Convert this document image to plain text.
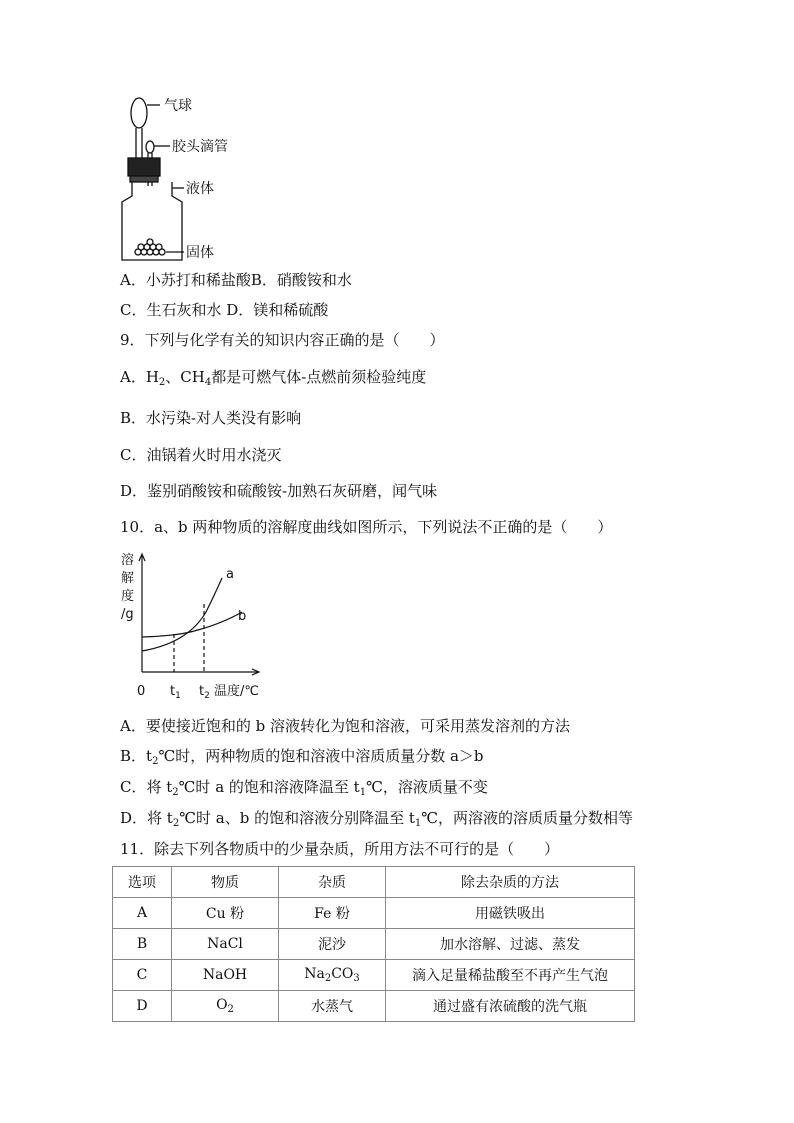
气球
胶头滴管
液体
固体
A．小苏打和稀盐酸B．硝酸铵和水
C．生石灰和水 D．镁和稀硫酸
9．下列与化学有关的知识内容正确的是（　　）
A．$H_2$、$CH_4$都是可燃气体-点燃前须检验纯度
B．水污染-对人类没有影响
C．油锅着火时用水浇灭
D．鉴别硝酸铵和硫酸铵-加熟石灰研磨，闻气味
10．a、b 两种物质的溶解度曲线如图所示，下列说法不正确的是（　　）
溶
解
度
/g
0 $t_1$ $t_2$ 温度/℃
a
b
A．要使接近饱和的 b 溶液转化为饱和溶液，可采用蒸发溶剂的方法
B．$t_2℃$时，两种物质的饱和溶液中溶质质量分数 a＞b
C．将 $t_2℃$时 a 的饱和溶液降温至 $t_1℃$，溶液质量不变
D．将 $t_2℃$时 a、b 的饱和溶液分别降温至 $t_1℃$，两溶液的溶质质量分数相等
11．除去下列各物质中的少量杂质，所用方法不可行的是（　　）
选项	物质	杂质	除去杂质的方法
A	Cu 粉	Fe 粉	用磁铁吸出
B	NaCl	泥沙	加水溶解、过滤、蒸发
C	NaOH	$Na_2CO_3$	滴入足量稀盐酸至不再产生气泡
D	$O_2$	水蒸气	通过盛有浓硫酸的洗气瓶
